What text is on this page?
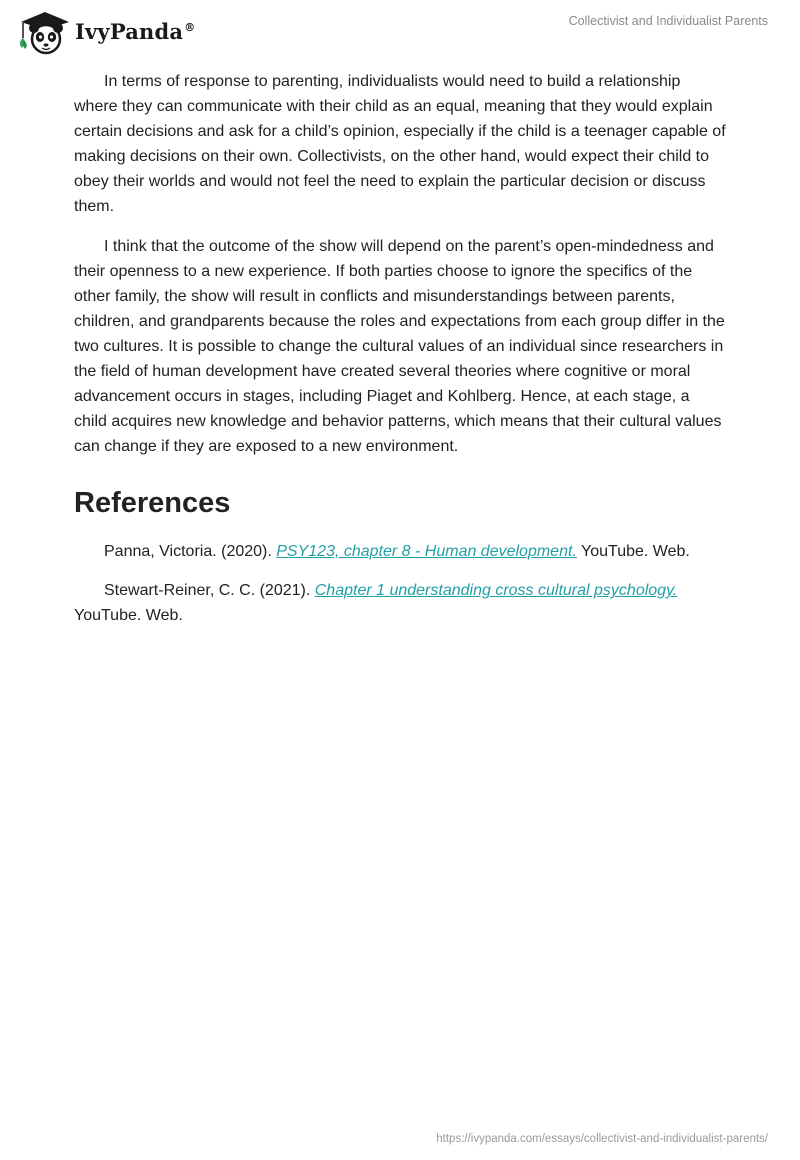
IvyPanda®	Collectivist and Individualist Parents

In terms of response to parenting, individualists would need to build a relationship where they can communicate with their child as an equal, meaning that they would explain certain decisions and ask for a child’s opinion, especially if the child is a teenager capable of making decisions on their own. Collectivists, on the other hand, would expect their child to obey their worlds and would not feel the need to explain the particular decision or discuss them.

I think that the outcome of the show will depend on the parent’s open-mindedness and their openness to a new experience. If both parties choose to ignore the specifics of the other family, the show will result in conflicts and misunderstandings between parents, children, and grandparents because the roles and expectations from each group differ in the two cultures. It is possible to change the cultural values of an individual since researchers in the field of human development have created several theories where cognitive or moral advancement occurs in stages, including Piaget and Kohlberg. Hence, at each stage, a child acquires new knowledge and behavior patterns, which means that their cultural values can change if they are exposed to a new environment.

References

Panna, Victoria. (2020). PSY123, chapter 8 - Human development. YouTube. Web.

Stewart-Reiner, C. C. (2021). Chapter 1 understanding cross cultural psychology. YouTube. Web.

https://ivypanda.com/essays/collectivist-and-individualist-parents/
